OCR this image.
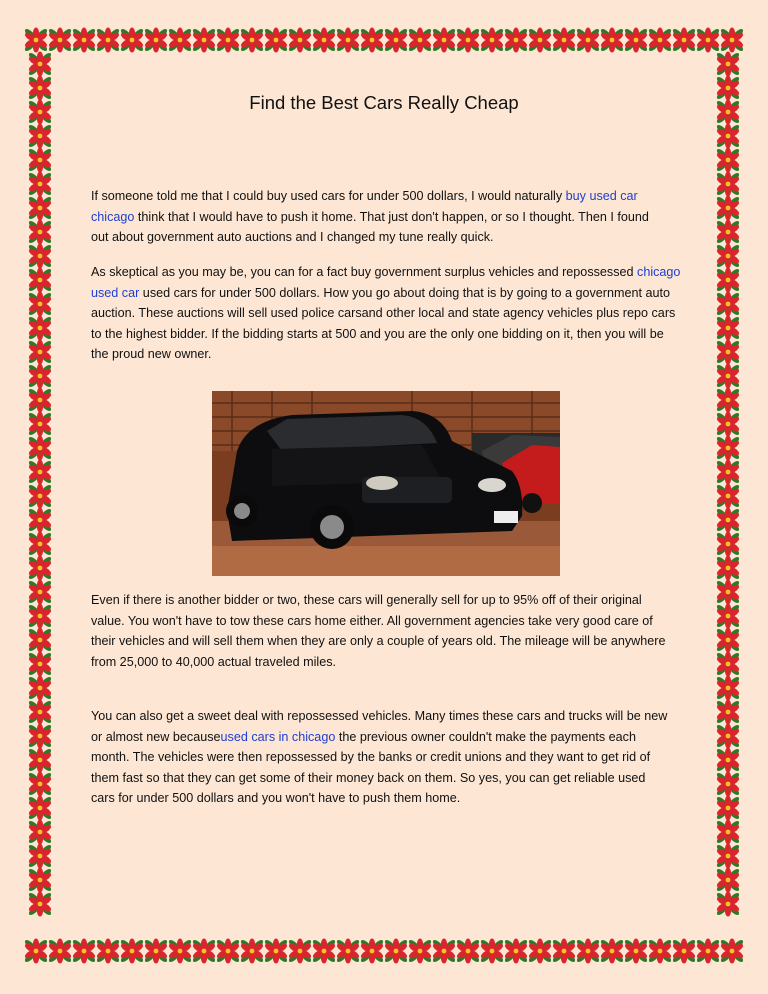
Find the Best Cars Really Cheap

If someone told me that I could buy used cars for under 500 dollars, I would naturally buy used car
chicago think that I would have to push it home. That just don't happen, or so I thought. Then I found
out about government auto auctions and I changed my tune really quick.

As skeptical as you may be, you can for a fact buy government surplus vehicles and repossessed chicago
used car used cars for under 500 dollars. How you go about doing that is by going to a government auto
auction. These auctions will sell used police carsand other local and state agency vehicles plus repo cars
to the highest bidder. If the bidding starts at 500 and you are the only one bidding on it, then you will be
the proud new owner.

Even if there is another bidder or two, these cars will generally sell for up to 95% off of their original
value. You won't have to tow these cars home either. All government agencies take very good care of
their vehicles and will sell them when they are only a couple of years old. The mileage will be anywhere
from 25,000 to 40,000 actual traveled miles.

You can also get a sweet deal with repossessed vehicles. Many times these cars and trucks will be new
or almost new becauseused cars in chicago the previous owner couldn't make the payments each
month. The vehicles were then repossessed by the banks or credit unions and they want to get rid of
them fast so that they can get some of their money back on them. So yes, you can get reliable used
cars for under 500 dollars and you won't have to push them home.
